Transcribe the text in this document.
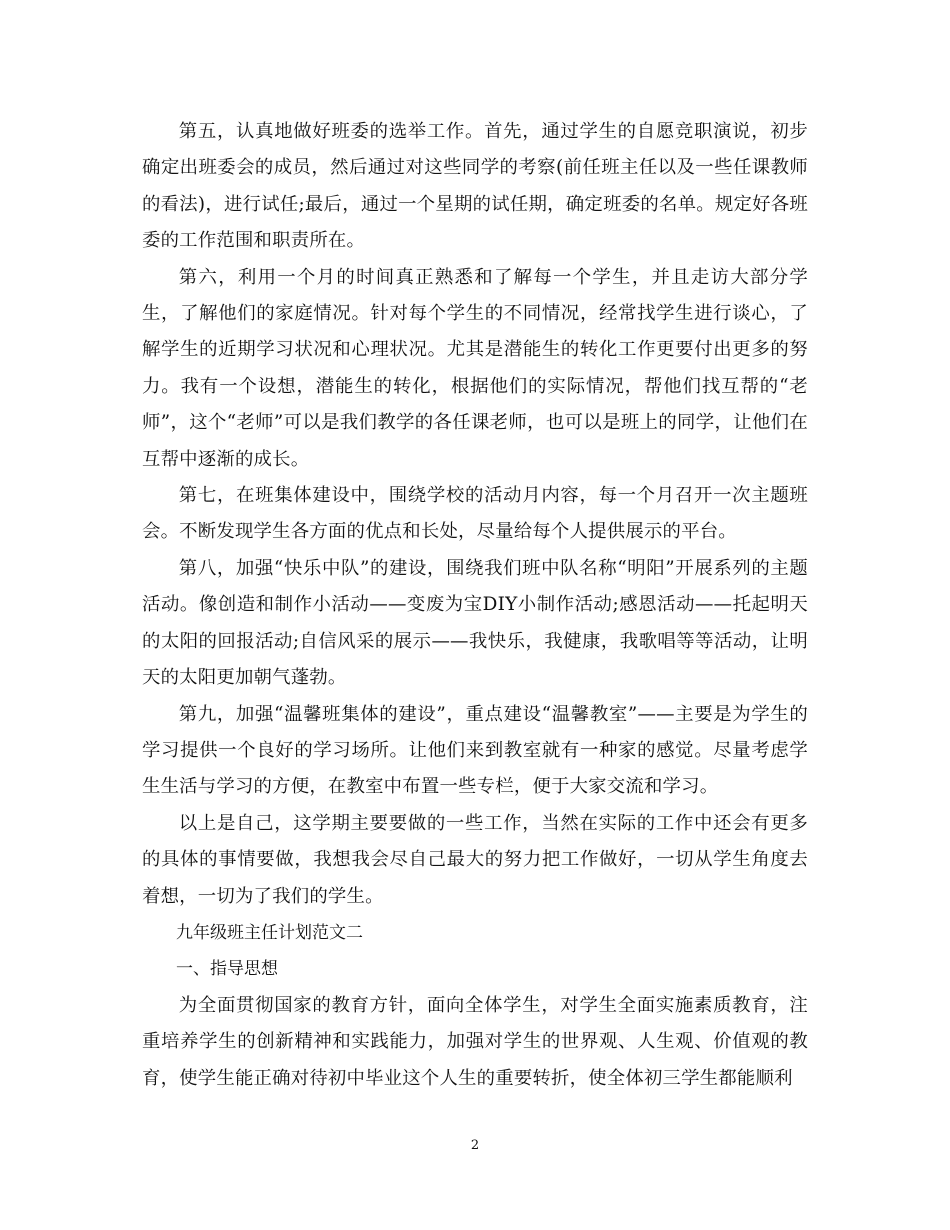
第五，认真地做好班委的选举工作。首先，通过学生的自愿竞职演说，初步确定出班委会的成员，然后通过对这些同学的考察(前任班主任以及一些任课教师的看法)，进行试任;最后，通过一个星期的试任期，确定班委的名单。规定好各班委的工作范围和职责所在。

第六，利用一个月的时间真正熟悉和了解每一个学生，并且走访大部分学生，了解他们的家庭情况。针对每个学生的不同情况，经常找学生进行谈心，了解学生的近期学习状况和心理状况。尤其是潜能生的转化工作更要付出更多的努力。我有一个设想，潜能生的转化，根据他们的实际情况，帮他们找互帮的“老师”，这个“老师”可以是我们教学的各任课老师，也可以是班上的同学，让他们在互帮中逐渐的成长。

第七，在班集体建设中，围绕学校的活动月内容，每一个月召开一次主题班会。不断发现学生各方面的优点和长处，尽量给每个人提供展示的平台。

第八，加强“快乐中队”的建设，围绕我们班中队名称“明阳”开展系列的主题活动。像创造和制作小活动——变废为宝DIY小制作活动;感恩活动——托起明天的太阳的回报活动;自信风采的展示——我快乐，我健康，我歌唱等等活动，让明天的太阳更加朝气蓬勃。

第九，加强“温馨班集体的建设”，重点建设“温馨教室”——主要是为学生的学习提供一个良好的学习场所。让他们来到教室就有一种家的感觉。尽量考虑学生生活与学习的方便，在教室中布置一些专栏，便于大家交流和学习。

以上是自己，这学期主要要做的一些工作，当然在实际的工作中还会有更多的具体的事情要做，我想我会尽自己最大的努力把工作做好，一切从学生角度去着想，一切为了我们的学生。

九年级班主任计划范文二

一、指导思想

为全面贯彻国家的教育方针，面向全体学生，对学生全面实施素质教育，注重培养学生的创新精神和实践能力，加强对学生的世界观、人生观、价值观的教育，使学生能正确对待初中毕业这个人生的重要转折，使全体初三学生都能顺利

2
